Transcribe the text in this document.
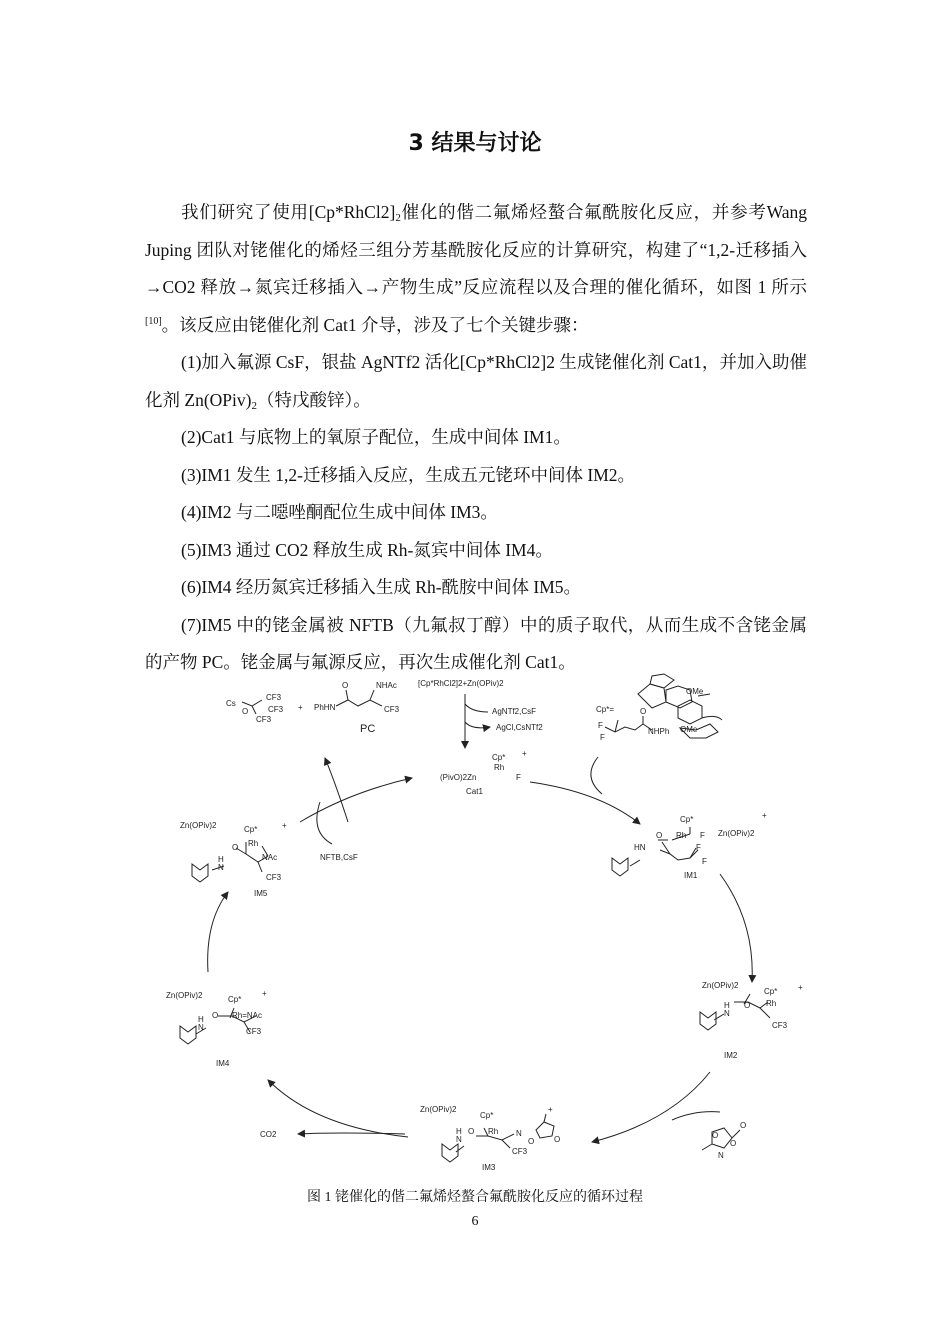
3 结果与讨论

我们研究了使用$[Cp*RhCl2]_2$催化的偕二氟烯烃螯合氟酰胺化反应，并参考Wang Juping 团队对铑催化的烯烃三组分芳基酰胺化反应的计算研究，构建了“1,2-迁移插入→CO2 释放→氮宾迁移插入→产物生成”反应流程以及合理的催化循环，如图 1 所示[10]。该反应由铑催化剂 Cat1 介导，涉及了七个关键步骤：

(1)加入氟源 CsF，银盐 AgNTf2 活化[Cp*RhCl2]2 生成铑催化剂 Cat1，并加入助催化剂 $Zn(OPiv)_2$（特戊酸锌）。

(2)Cat1 与底物上的氧原子配位，生成中间体 IM1。

(3)IM1 发生 1,2-迁移插入反应，生成五元铑环中间体 IM2。

(4)IM2 与二噁唑酮配位生成中间体 IM3。

(5)IM3 通过 CO2 释放生成 Rh-氮宾中间体 IM4。

(6)IM4 经历氮宾迁移插入生成 Rh-酰胺中间体 IM5。

(7)IM5 中的铑金属被 NFTB（九氟叔丁醇）中的质子取代，从而生成不含铑金属的产物 PC。铑金属与氟源反应，再次生成催化剂 Cat1。

[Cp*RhCl2]2+Zn(OPiv)2
AgNTf2,CsF
AgCl,CsNTf2
Cp*=
OMe
OMe
Cp* +
Rh
(PivO)2Zn	F
Cat1
F
F
O
NHPh
Cs
O
CF3
CF3
CF3
+ PhHN
O	NHAc
CF3
PC
NFTB,CsF
Cp*	+
O Rh F Zn(OPiv)2
F
F
HN
IM1
Zn(OPiv)2
Cp*	+
Rh
O
H
N
CF3
IM2
Zn(OPiv)2
Cp*
+
O Rh N
O O
H
N
CF3
IM3
O
O
O
N
CO2
Zn(OPiv)2	Cp*
+
O Rh=NAc
H
N	CF3
IM4
Zn(OPiv)2	Cp*	+
Rh
O
NAc
H
N
CF3
IM5
图 1 铑催化的偕二氟烯烃螯合氟酰胺化反应的循环过程
6
